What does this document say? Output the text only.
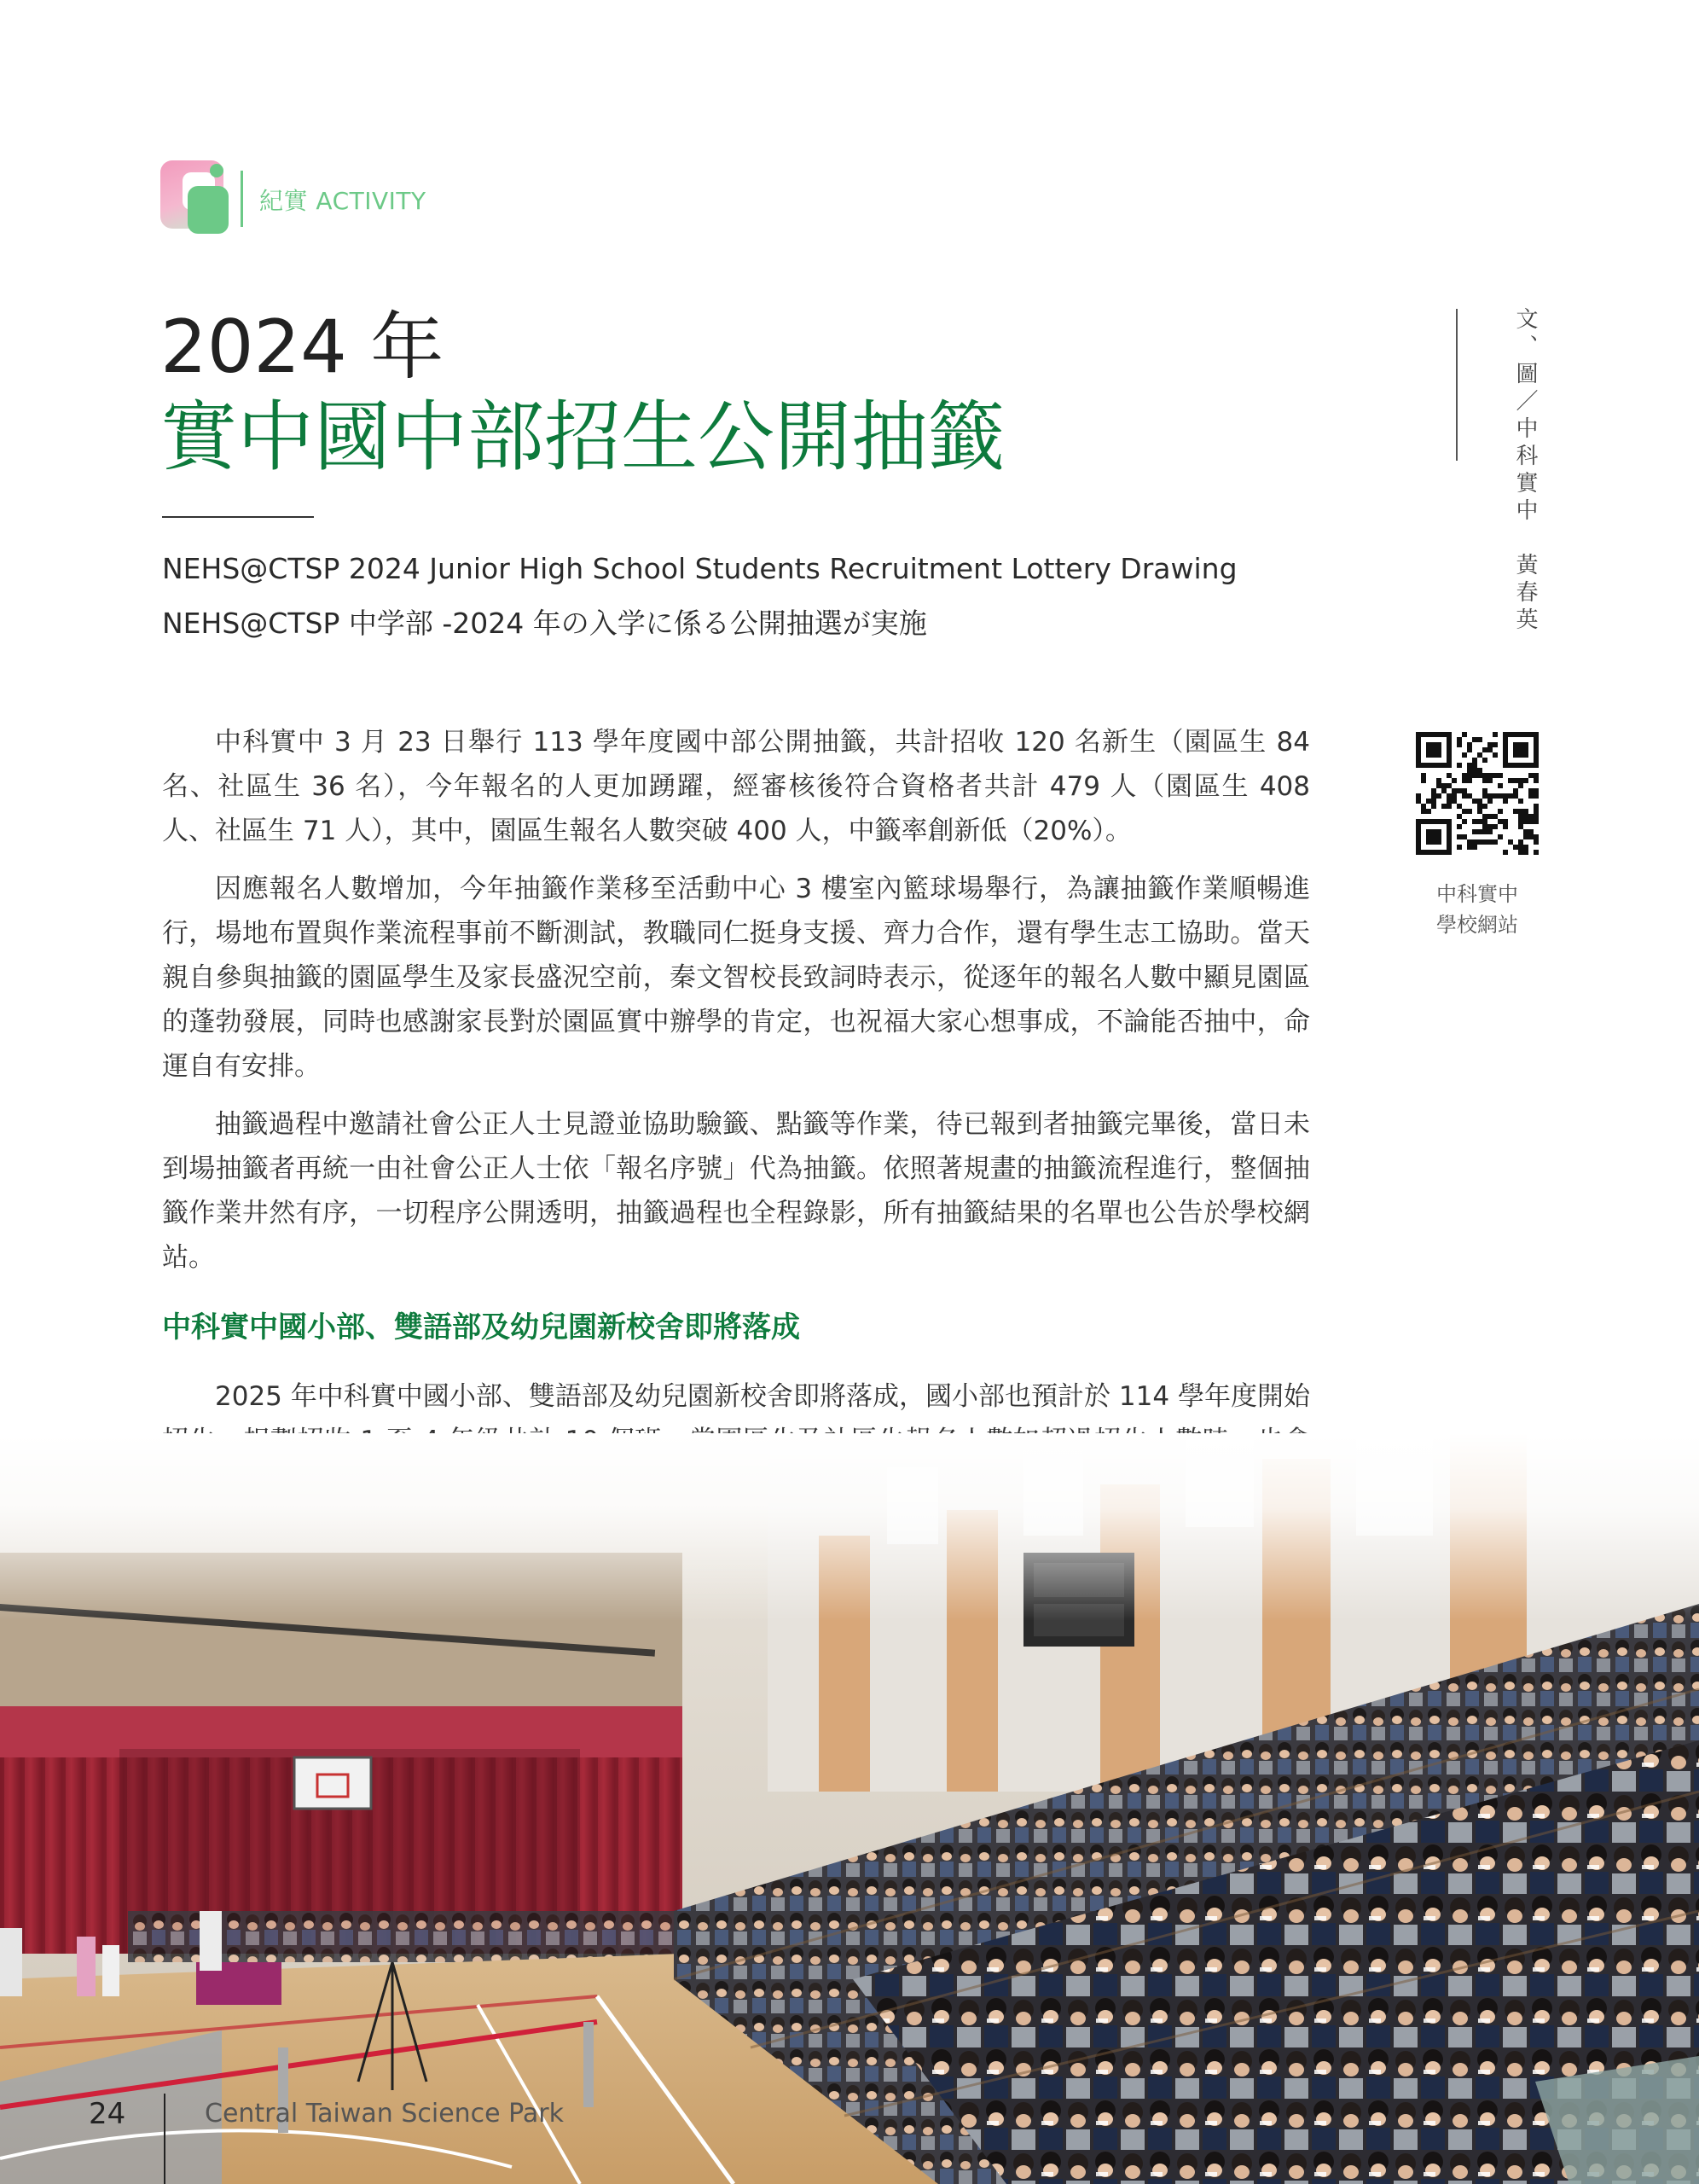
紀實 ACTIVITY
2024 年
實中國中部招生公開抽籤
NEHS@CTSP 2024 Junior High School Students Recruitment Lottery Drawing
NEHS@CTSP 中学部 -2024 年の入学に係る公開抽選が実施	文、圖／中科實中　黃春英
中科實中
學校網站

中科實中 3 月 23 日舉行 113 學年度國中部公開抽籤，共計招收 120 名新生（園區生 84 名、社區生 36 名），今年報名的人更加踴躍，經審核後符合資格者共計 479 人（園區生 408 人、社區生 71 人），其中，園區生報名人數突破 400 人，中籤率創新低（20%）。

因應報名人數增加，今年抽籤作業移至活動中心 3 樓室內籃球場舉行，為讓抽籤作業順暢進行，場地布置與作業流程事前不斷測試，教職同仁挺身支援、齊力合作，還有學生志工協助。當天親自參與抽籤的園區學生及家長盛況空前，秦文智校長致詞時表示，從逐年的報名人數中顯見園區的蓬勃發展，同時也感謝家長對於園區實中辦學的肯定，也祝福大家心想事成，不論能否抽中，命運自有安排。

抽籤過程中邀請社會公正人士見證並協助驗籤、點籤等作業，待已報到者抽籤完畢後，當日未到場抽籤者再統一由社會公正人士依「報名序號」代為抽籤。依照著規畫的抽籤流程進行，整個抽籤作業井然有序，一切程序公開透明，抽籤過程也全程錄影，所有抽籤結果的名單也公告於學校網站。

中科實中國小部、雙語部及幼兒園新校舍即將落成

2025 年中科實中國小部、雙語部及幼兒園新校舍即將落成，國小部也預計於 114 學年度開始

24	Central Taiwan Science Park
